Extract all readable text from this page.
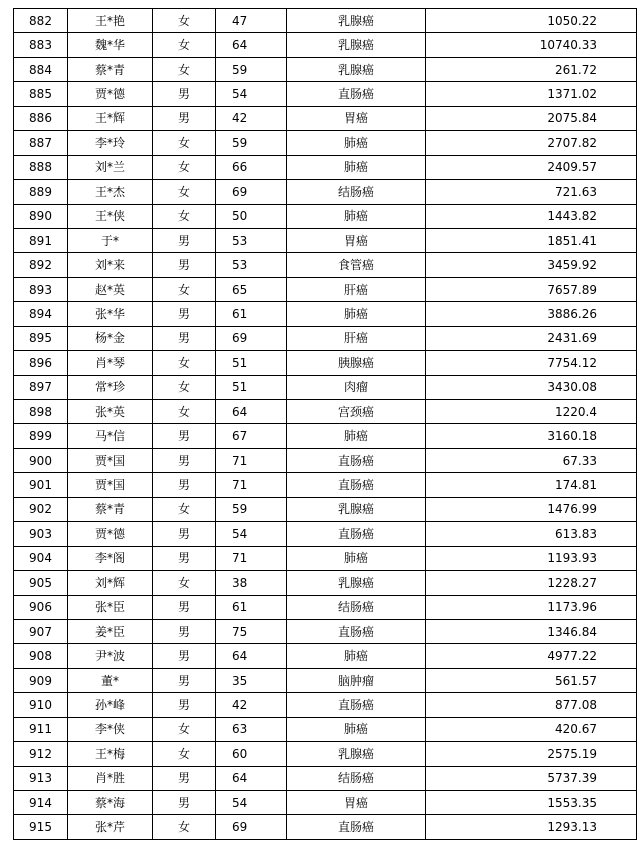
882	王*艳	女	47	乳腺癌	1050.22
883	魏*华	女	64	乳腺癌	10740.33
884	蔡*青	女	59	乳腺癌	261.72
885	贾*德	男	54	直肠癌	1371.02
886	王*辉	男	42	胃癌	2075.84
887	李*玲	女	59	肺癌	2707.82
888	刘*兰	女	66	肺癌	2409.57
889	王*杰	女	69	结肠癌	721.63
890	王*侠	女	50	肺癌	1443.82
891	于*	男	53	胃癌	1851.41
892	刘*来	男	53	食管癌	3459.92
893	赵*英	女	65	肝癌	7657.89
894	张*华	男	61	肺癌	3886.26
895	杨*金	男	69	肝癌	2431.69
896	肖*琴	女	51	胰腺癌	7754.12
897	常*珍	女	51	肉瘤	3430.08
898	张*英	女	64	宫颈癌	1220.4
899	马*信	男	67	肺癌	3160.18
900	贾*国	男	71	直肠癌	67.33
901	贾*国	男	71	直肠癌	174.81
902	蔡*青	女	59	乳腺癌	1476.99
903	贾*德	男	54	直肠癌	613.83
904	李*阁	男	71	肺癌	1193.93
905	刘*辉	女	38	乳腺癌	1228.27
906	张*臣	男	61	结肠癌	1173.96
907	姜*臣	男	75	直肠癌	1346.84
908	尹*波	男	64	肺癌	4977.22
909	董*	男	35	脑肿瘤	561.57
910	孙*峰	男	42	直肠癌	877.08
911	李*侠	女	63	肺癌	420.67
912	王*梅	女	60	乳腺癌	2575.19
913	肖*胜	男	64	结肠癌	5737.39
914	蔡*海	男	54	胃癌	1553.35
915	张*芹	女	69	直肠癌	1293.13
